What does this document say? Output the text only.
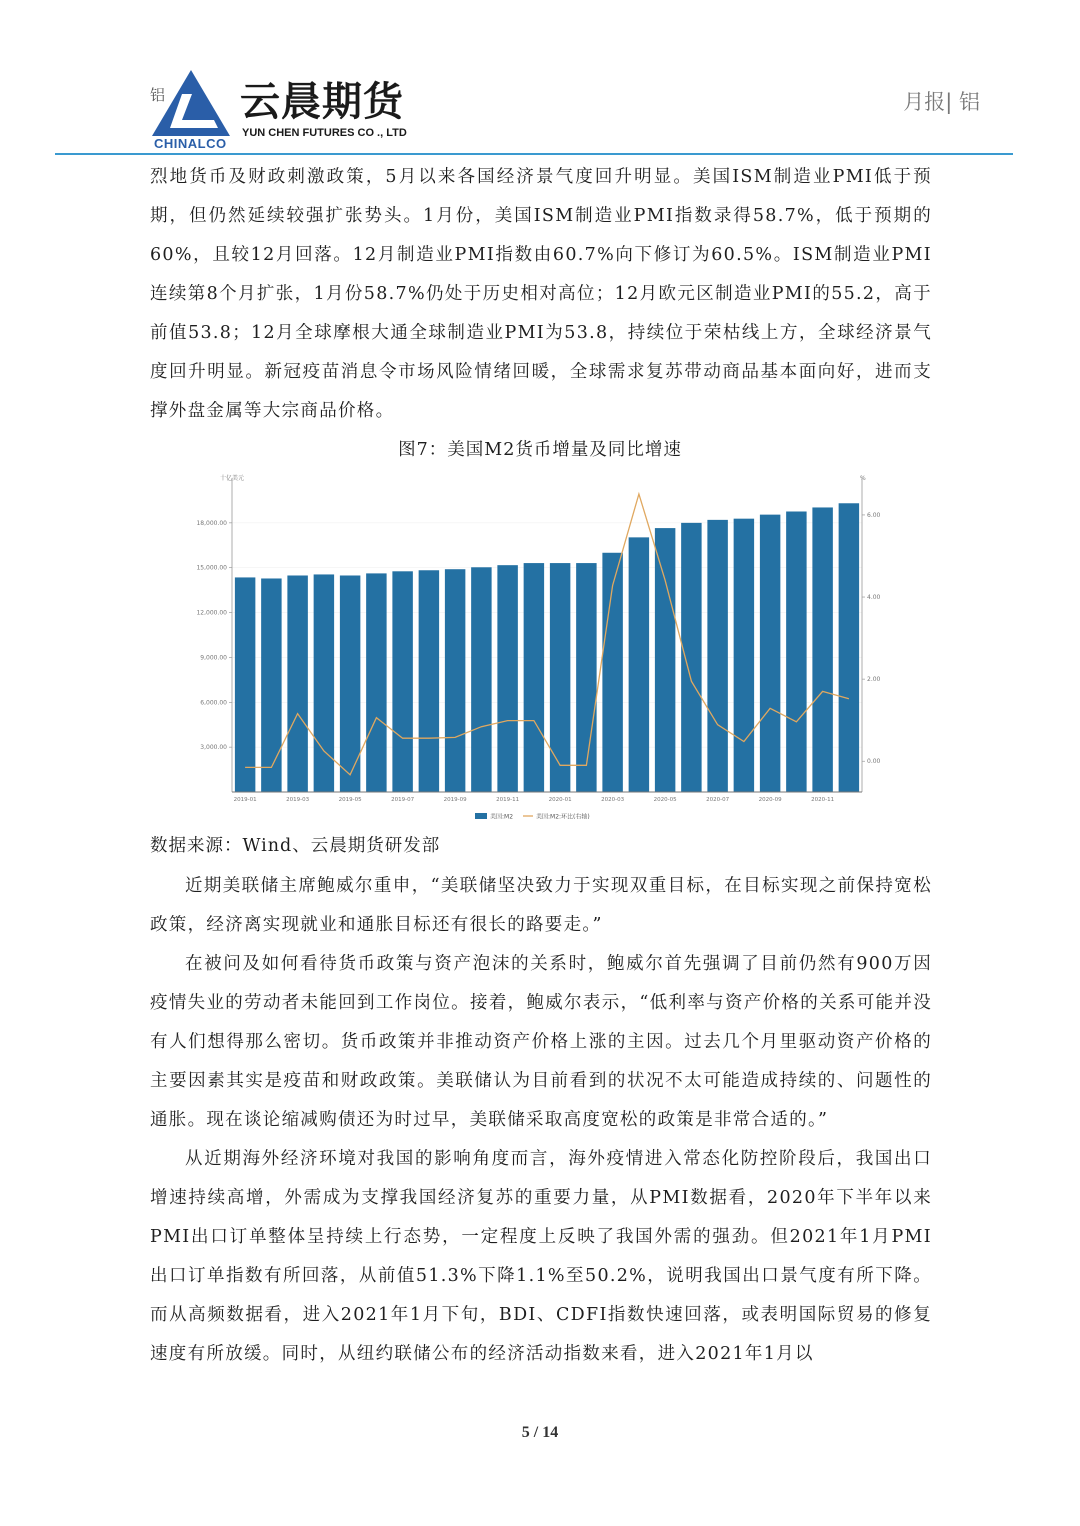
铝
CHINALCO
云晨期货
YUN CHEN FUTURES CO ., LTD
月报| 铝

烈地货币及财政刺激政策，5月以来各国经济景气度回升明显。美国ISM制造业PMI低于预期，但仍然延续较强扩张势头。1月份，美国ISM制造业PMI指数录得58.7%，低于预期的60%，且较12月回落。12月制造业PMI指数由60.7%向下修订为60.5%。ISM制造业PMI连续第8个月扩张，1月份58.7%仍处于历史相对高位；12月欧元区制造业PMI的55.2，高于前值53.8；12月全球摩根大通全球制造业PMI为53.8，持续位于荣枯线上方，全球经济景气度回升明显。新冠疫苗消息令市场风险情绪回暖，全球需求复苏带动商品基本面向好，进而支撑外盘金属等大宗商品价格。

图7：美国M2货币增量及同比增速
十亿美元	%
3,000.00
6,000.00
9,000.00
12,000.00
15,000.00
18,000.00
0.00
2.00
4.00
6.00
2019-01	2019-03	2019-05	2019-07	2019-09	2019-11	2020-01	2020-03	2020-05	2020-07	2020-09	2020-11
美国:M2	美国:M2:环比(右轴)
数据来源：Wind、云晨期货研发部

近期美联储主席鲍威尔重申，“美联储坚决致力于实现双重目标，在目标实现之前保持宽松政策，经济离实现就业和通胀目标还有很长的路要走。”

在被问及如何看待货币政策与资产泡沫的关系时，鲍威尔首先强调了目前仍然有900万因疫情失业的劳动者未能回到工作岗位。接着，鲍威尔表示，“低利率与资产价格的关系可能并没有人们想得那么密切。货币政策并非推动资产价格上涨的主因。过去几个月里驱动资产价格的主要因素其实是疫苗和财政政策。美联储认为目前看到的状况不太可能造成持续的、问题性的通胀。现在谈论缩减购债还为时过早，美联储采取高度宽松的政策是非常合适的。”

从近期海外经济环境对我国的影响角度而言，海外疫情进入常态化防控阶段后，我国出口增速持续高增，外需成为支撑我国经济复苏的重要力量，从PMI数据看，2020年下半年以来PMI出口订单整体呈持续上行态势，一定程度上反映了我国外需的强劲。但2021年1月PMI出口订单指数有所回落，从前值51.3%下降1.1%至50.2%，说明我国出口景气度有所下降。而从高频数据看，进入2021年1月下旬，BDI、CDFI指数快速回落，或表明国际贸易的修复速度有所放缓。同时，从纽约联储公布的经济活动指数来看，进入2021年1月以

5 / 14
